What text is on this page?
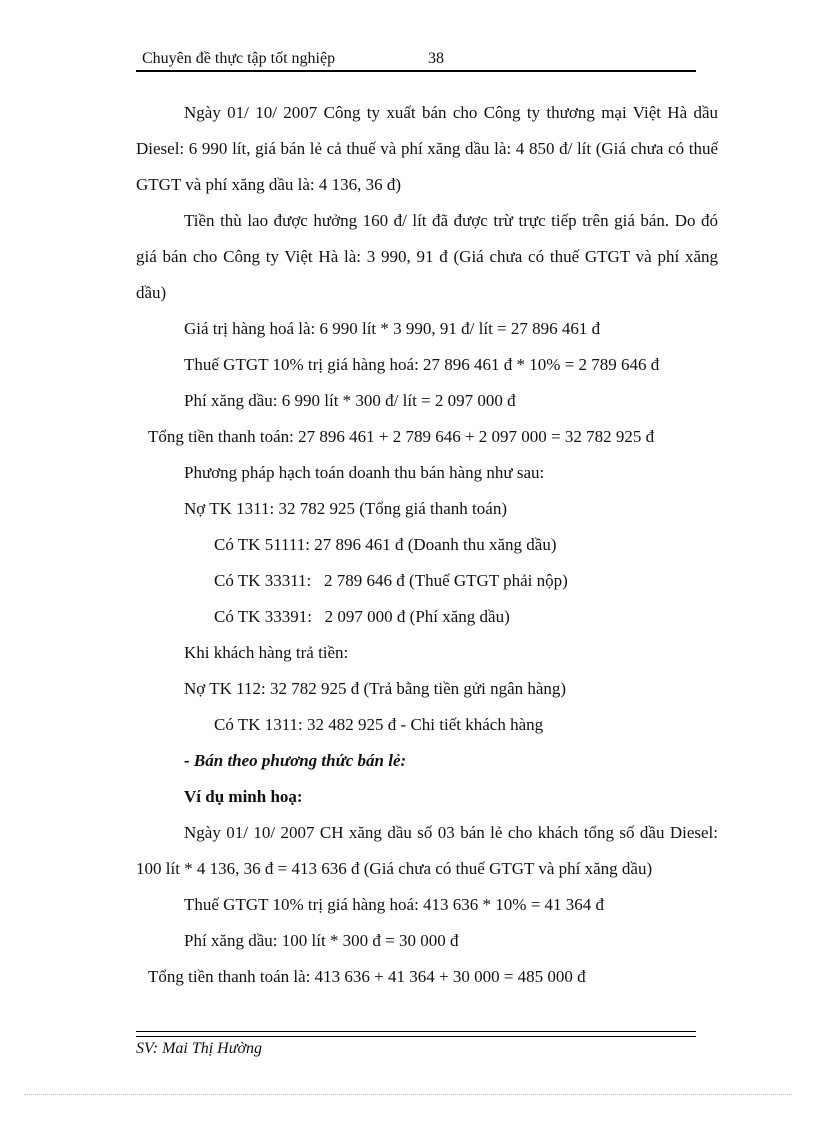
Chuyên đề thực tập tốt nghiệp	38

Ngày 01/ 10/ 2007 Công ty xuất bán cho Công ty thương mại Việt Hà dầu Diesel: 6 990 lít, giá bán lẻ cả thuế và phí xăng dầu là: 4 850 đ/ lít (Giá chưa có thuế GTGT và phí xăng dầu là: 4 136, 36 đ)

Tiền thù lao được hưởng 160 đ/ lít đã được trừ trực tiếp trên giá bán. Do đó giá bán cho Công ty Việt Hà là: 3 990, 91 đ (Giá chưa có thuế GTGT và phí xăng dầu)

Giá trị hàng hoá là: 6 990 lít * 3 990, 91 đ/ lít = 27 896 461 đ
Thuế GTGT 10% trị giá hàng hoá: 27 896 461 đ * 10% = 2 789 646 đ
Phí xăng dầu: 6 990 lít * 300 đ/ lít = 2 097 000 đ
Tổng tiền thanh toán: 27 896 461 + 2 789 646 + 2 097 000 = 32 782 925 đ
Phương pháp hạch toán doanh thu bán hàng như sau:
Nợ TK 1311: 32 782 925 (Tổng giá thanh toán)
Có TK 51111: 27 896 461 đ (Doanh thu xăng dầu)
Có TK 33311:   2 789 646 đ (Thuế GTGT phải nộp)
Có TK 33391:   2 097 000 đ (Phí xăng dầu)
Khi khách hàng trả tiền:
Nợ TK 112: 32 782 925 đ (Trả bằng tiền gửi ngân hàng)
Có TK 1311: 32 482 925 đ - Chi tiết khách hàng
- Bán theo phương thức bán lẻ:
Ví dụ minh hoạ:

Ngày 01/ 10/ 2007 CH xăng dầu số 03 bán lẻ cho khách tổng số dầu Diesel: 100 lít * 4 136, 36 đ = 413 636 đ (Giá chưa có thuế GTGT và phí xăng dầu)

Thuế GTGT 10% trị giá hàng hoá: 413 636 * 10% = 41 364 đ
Phí xăng dầu: 100 lít * 300 đ = 30 000 đ
Tổng tiền thanh toán là: 413 636 + 41 364 + 30 000 = 485 000 đ
SV: Mai Thị Hường
